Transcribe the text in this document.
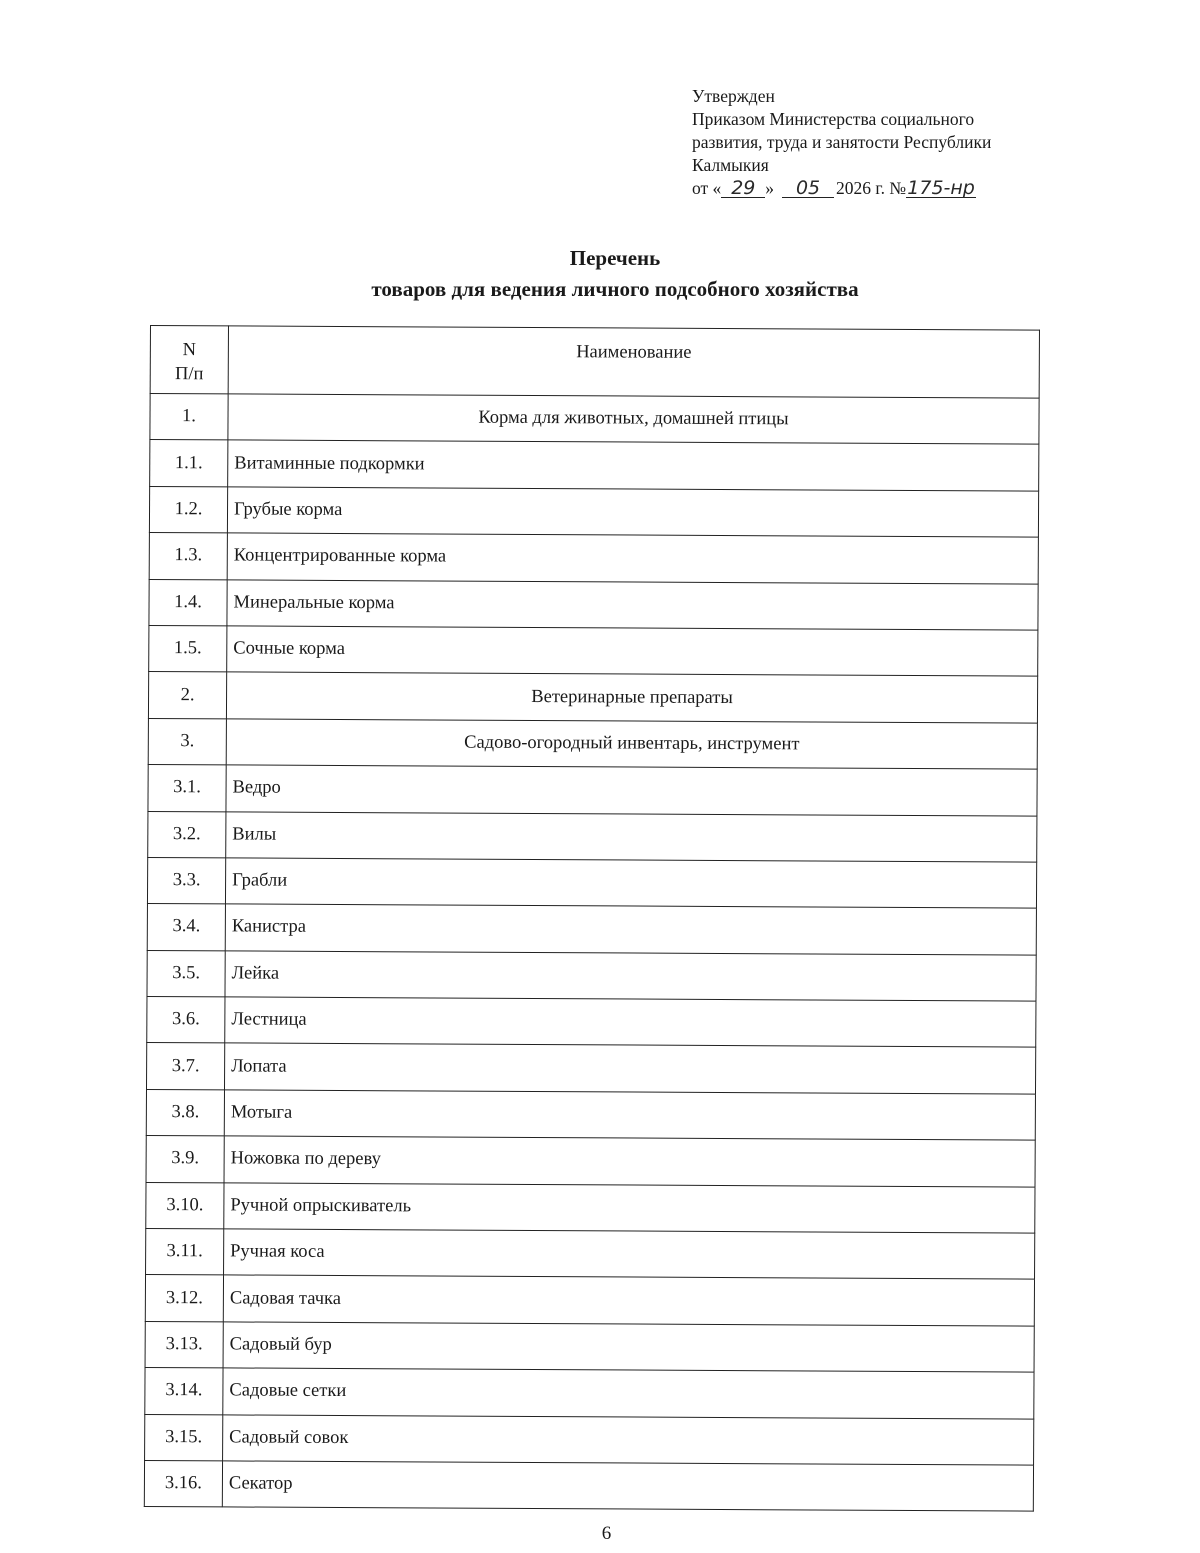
Утвержден
Приказом Министерства социального
развития, труда и занятости Республики
Калмыкия
от « 29 » 05 2026 г. №175-нр
Перечень
товаров для ведения личного подсобного хозяйства
N
П/п	Наименование
1.	Корма для животных, домашней птицы
1.1.	Витаминные подкормки
1.2.	Грубые корма
1.3.	Концентрированные корма
1.4.	Минеральные корма
1.5.	Сочные корма
2.	Ветеринарные препараты
3.	Садово-огородный инвентарь, инструмент
3.1.	Ведро
3.2.	Вилы
3.3.	Грабли
3.4.	Канистра
3.5.	Лейка
3.6.	Лестница
3.7.	Лопата
3.8.	Мотыга
3.9.	Ножовка по дереву
3.10.	Ручной опрыскиватель
3.11.	Ручная коса
3.12.	Садовая тачка
3.13.	Садовый бур
3.14.	Садовые сетки
3.15.	Садовый совок
3.16.	Секатор
6
